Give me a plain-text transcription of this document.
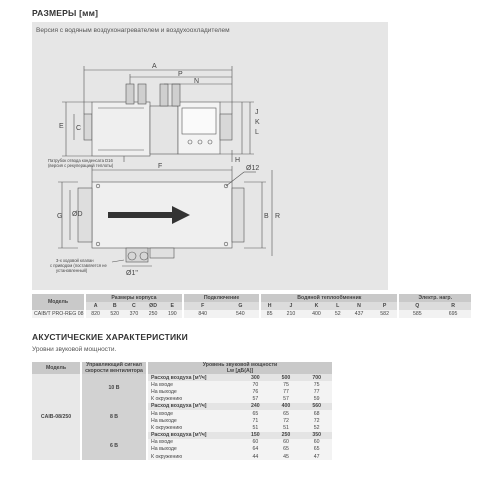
РАЗМЕРЫ [мм]
Версия с водяным воздухонагревателем и воздухоохладителем
A
P
N
J
K
L
H
E C
F
G ØD	B R
Ø12
Ø1"
Патрубок отвода конденсата D16
(версия с рекуперацией теплоты)
3-х ходовой клапан
с приводом (поставляется не
установленный)
Модель		Размеры корпуса						Подключение			Водяной теплообменник							Электр. нагр.	
		A	B	C	ØD	E		F	G		H	J	K	L	N	P		Q	R
CAIB/T PRO-REG 08		820	520	370	250	190		840	540		85	210	400	52	437	582		585	695
АКУСТИЧЕСКИЕ ХАРАКТЕРИСТИКИ
Уровни звуковой мощности.
Модель		Управляющий сигнал
скорости вентилятора		Уровень звуковой мощности
Lw [дБ(A)]			
CAIB-08/250		10 В		Расход воздуха [м³/ч]	300	500	700
				На входе	70	75	75
				На выходе	76	77	77
				К окружению	57	57	59
		8 В		Расход воздуха [м³/ч]	240	400	560
				На входе	65	65	68
				На выходе	71	72	72
				К окружению	51	51	52
		6 В		Расход воздуха [м³/ч]	150	250	350
				На входе	60	60	60
				На выходе	64	65	65
				К окружению	44	45	47
